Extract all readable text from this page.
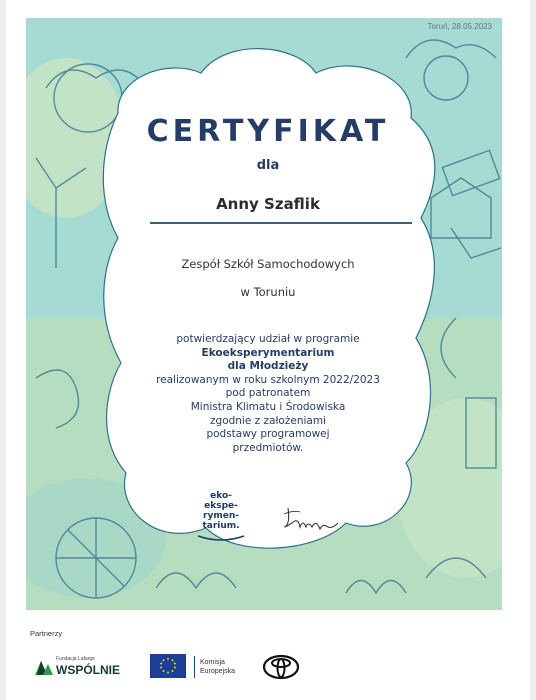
Toruń, 28.05.2023
CERTYFIKAT
dla
Anny Szaflik
Zespół Szkół Samochodowych
w Toruniu
potwierdzający udział w programie
Ekoeksperymentarium
dla Młodzieży
realizowanym w roku szkolnym 2022/2023
pod patronatem
Ministra Klimatu i Środowiska
zgodnie z założeniami
podstawy programowej
przedmiotów.
eko-
ekspe-
rymen-
tarium.
Partnerzy
Fundacja Lafarge
WSPÓLNIE
Komisja
Europejska
